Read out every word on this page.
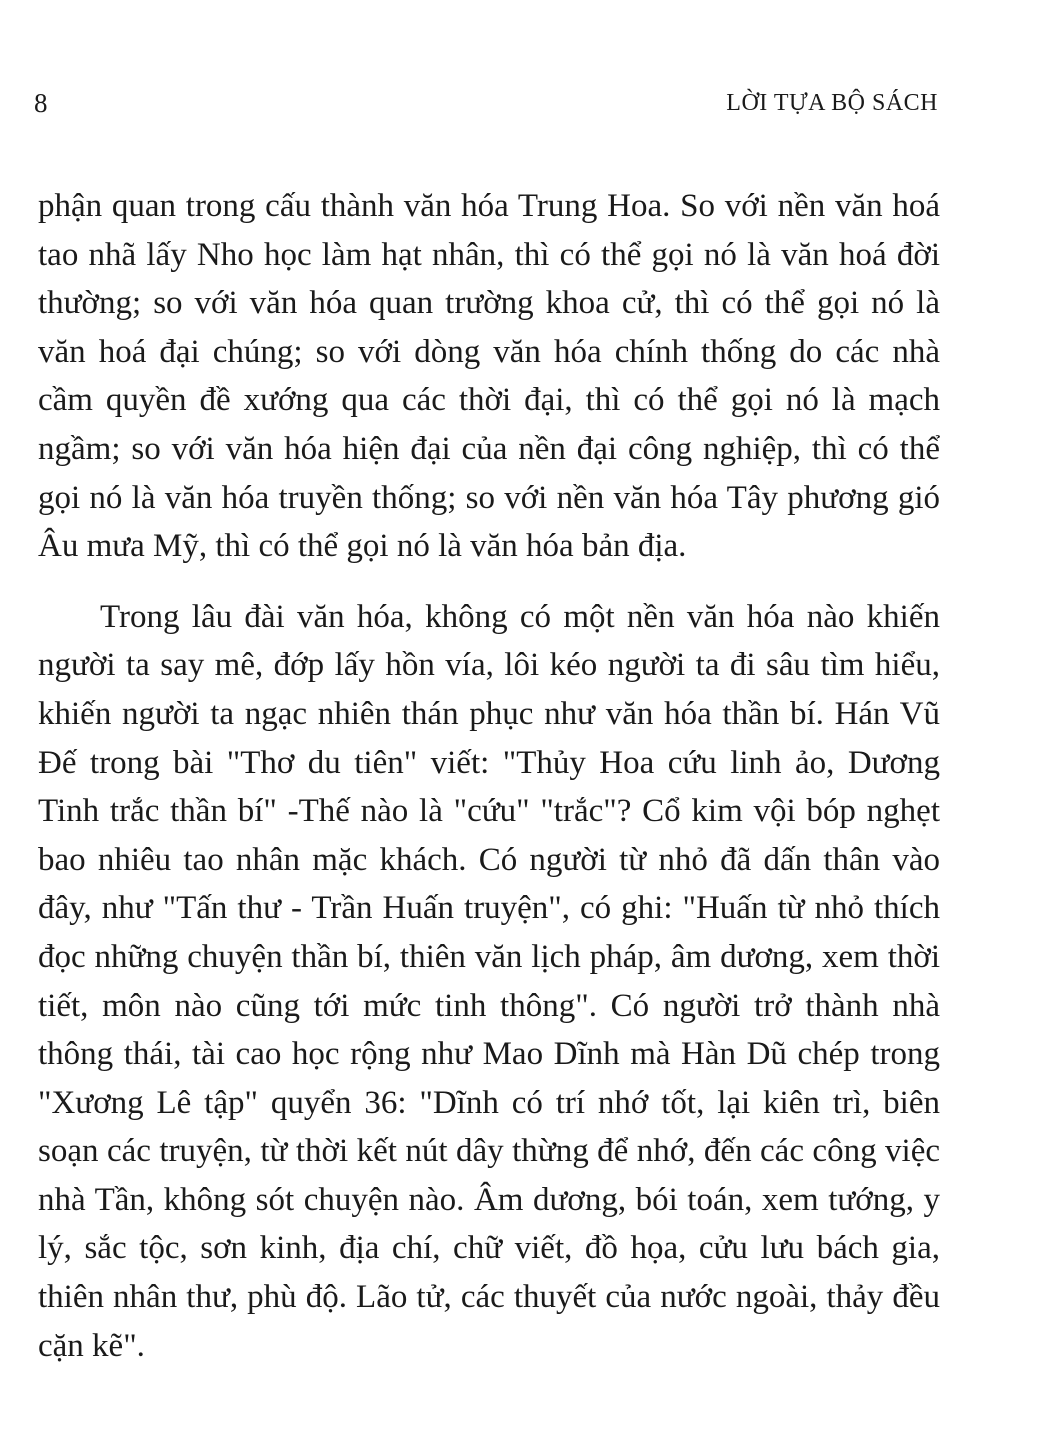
8	LỜI TỰA BỘ SÁCH

phận quan trong cấu thành văn hóa Trung Hoa. So với nền văn hoá tao nhã lấy Nho học làm hạt nhân, thì có thể gọi nó là văn hoá đời thường; so với văn hóa quan trường khoa cử, thì có thể gọi nó là văn hoá đại chúng; so với dòng văn hóa chính thống do các nhà cầm quyền đề xướng qua các thời đại, thì có thể gọi nó là mạch ngầm; so với văn hóa hiện đại của nền đại công nghiệp, thì có thể gọi nó là văn hóa truyền thống; so với nền văn hóa Tây phương gió Âu mưa Mỹ, thì có thể gọi nó là văn hóa bản địa.

Trong lâu đài văn hóa, không có một nền văn hóa nào khiến người ta say mê, đớp lấy hồn vía, lôi kéo người ta đi sâu tìm hiểu, khiến người ta ngạc nhiên thán phục như văn hóa thần bí. Hán Vũ Đế trong bài "Thơ du tiên" viết: "Thủy Hoa cứu linh ảo, Dương Tinh trắc thần bí" -Thế nào là "cứu" "trắc"? Cổ kim vội bóp nghẹt bao nhiêu tao nhân mặc khách. Có người từ nhỏ đã dấn thân vào đây, như "Tấn thư - Trần Huấn truyện", có ghi: "Huấn từ nhỏ thích đọc những chuyện thần bí, thiên văn lịch pháp, âm dương, xem thời tiết, môn nào cũng tới mức tinh thông". Có người trở thành nhà thông thái, tài cao học rộng như Mao Dĩnh mà Hàn Dũ chép trong "Xương Lê tập" quyển 36: "Dĩnh có trí nhớ tốt, lại kiên trì, biên soạn các truyện, từ thời kết nút dây thừng để nhớ, đến các công việc nhà Tần, không sót chuyện nào. Âm dương, bói toán, xem tướng, y lý, sắc tộc, sơn kinh, địa chí, chữ viết, đồ họa, cửu lưu bách gia, thiên nhân thư, phù độ. Lão tử, các thuyết của nước ngoài, thảy đều cặn kẽ".
